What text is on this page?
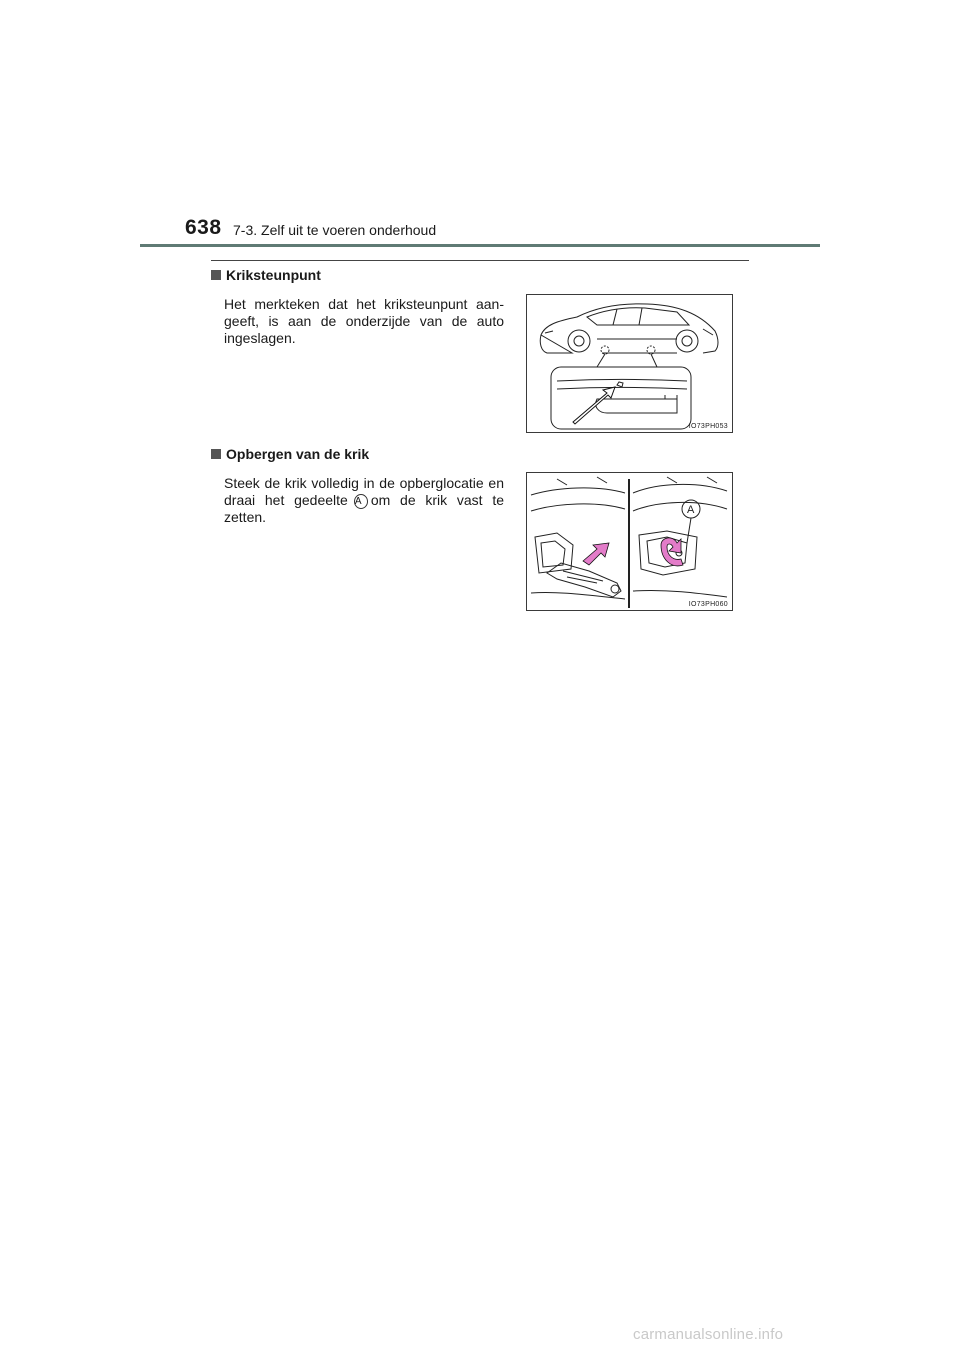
638 7-3. Zelf uit te voeren onderhoud
Kriksteunpunt
Het merkteken dat het kriksteunpunt aan-geeft, is aan de onderzijde van de auto ingeslagen.
IO73PH053
Opbergen van de krik
Steek de krik volledig in de opberglocatie en draai het gedeelte A om de krik vast te zetten.	A
IO73PH060
carmanualsonline.info
